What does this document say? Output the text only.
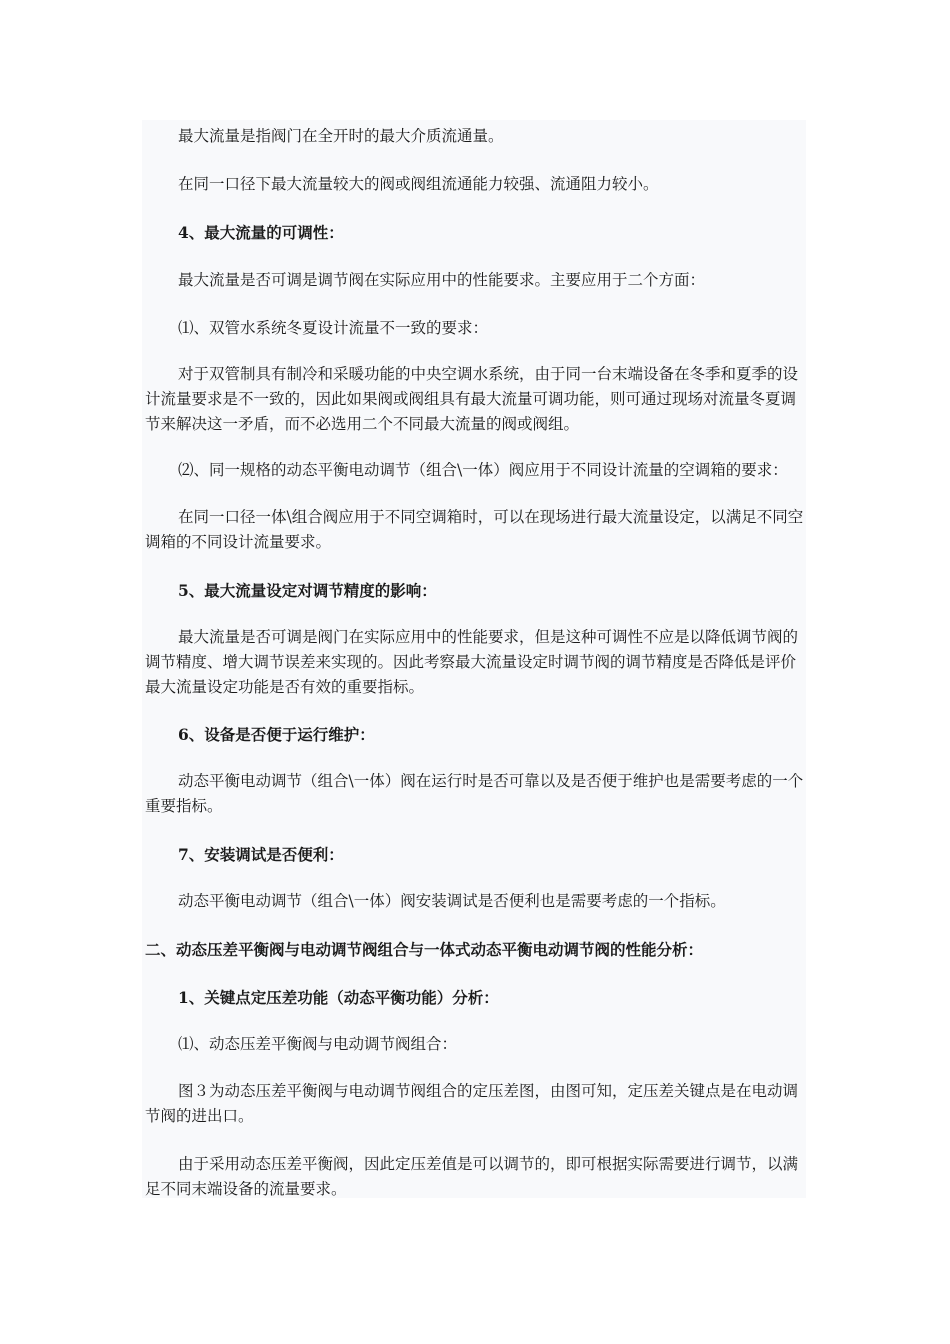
最大流量是指阀门在全开时的最大介质流通量。

在同一口径下最大流量较大的阀或阀组流通能力较强、流通阻力较小。

4、最大流量的可调性：

最大流量是否可调是调节阀在实际应用中的性能要求。主要应用于二个方面：

⑴、双管水系统冬夏设计流量不一致的要求：

对于双管制具有制冷和采暖功能的中央空调水系统，由于同一台末端设备在冬季和夏季的设计流量要求是不一致的，因此如果阀或阀组具有最大流量可调功能，则可通过现场对流量冬夏调节来解决这一矛盾，而不必选用二个不同最大流量的阀或阀组。

⑵、同一规格的动态平衡电动调节（组合\一体）阀应用于不同设计流量的空调箱的要求：

在同一口径一体\组合阀应用于不同空调箱时，可以在现场进行最大流量设定，以满足不同空调箱的不同设计流量要求。

5、最大流量设定对调节精度的影响：

最大流量是否可调是阀门在实际应用中的性能要求，但是这种可调性不应是以降低调节阀的调节精度、增大调节误差来实现的。因此考察最大流量设定时调节阀的调节精度是否降低是评价最大流量设定功能是否有效的重要指标。

6、设备是否便于运行维护：

动态平衡电动调节（组合\一体）阀在运行时是否可靠以及是否便于维护也是需要考虑的一个重要指标。

7、安装调试是否便利：

动态平衡电动调节（组合\一体）阀安装调试是否便利也是需要考虑的一个指标。

二、动态压差平衡阀与电动调节阀组合与一体式动态平衡电动调节阀的性能分析：

1、关键点定压差功能（动态平衡功能）分析：

⑴、动态压差平衡阀与电动调节阀组合：

图３为动态压差平衡阀与电动调节阀组合的定压差图，由图可知，定压差关键点是在电动调节阀的进出口。

由于采用动态压差平衡阀，因此定压差值是可以调节的，即可根据实际需要进行调节，以满足不同末端设备的流量要求。
